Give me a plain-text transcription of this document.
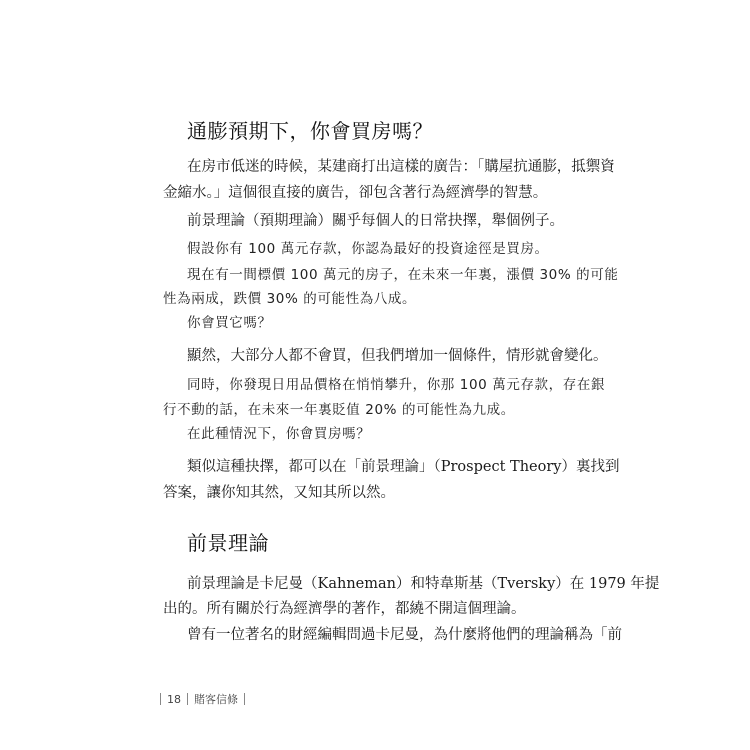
通膨預期下，你會買房嗎？
在房市低迷的時候，某建商打出這樣的廣告：「購屋抗通膨，抵禦資
金縮水。」這個很直接的廣告，卻包含著行為經濟學的智慧。
前景理論（預期理論）關乎每個人的日常抉擇，舉個例子。
假設你有 100 萬元存款，你認為最好的投資途徑是買房。
現在有一間標價 100 萬元的房子，在未來一年裏，漲價 30% 的可能
性為兩成，跌價 30% 的可能性為八成。
你會買它嗎？
顯然，大部分人都不會買，但我們增加一個條件，情形就會變化。
同時，你發現日用品價格在悄悄攀升，你那 100 萬元存款，存在銀
行不動的話，在未來一年裏貶值 20% 的可能性為九成。
在此種情況下，你會買房嗎？
類似這種抉擇，都可以在「前景理論」（Prospect Theory）裏找到
答案，讓你知其然，又知其所以然。
前景理論
前景理論是卡尼曼（Kahneman）和特韋斯基（Tversky）在 1979 年提
出的。所有關於行為經濟學的著作，都繞不開這個理論。
曾有一位著名的財經編輯問過卡尼曼，為什麼將他們的理論稱為「前
18 賭客信條
